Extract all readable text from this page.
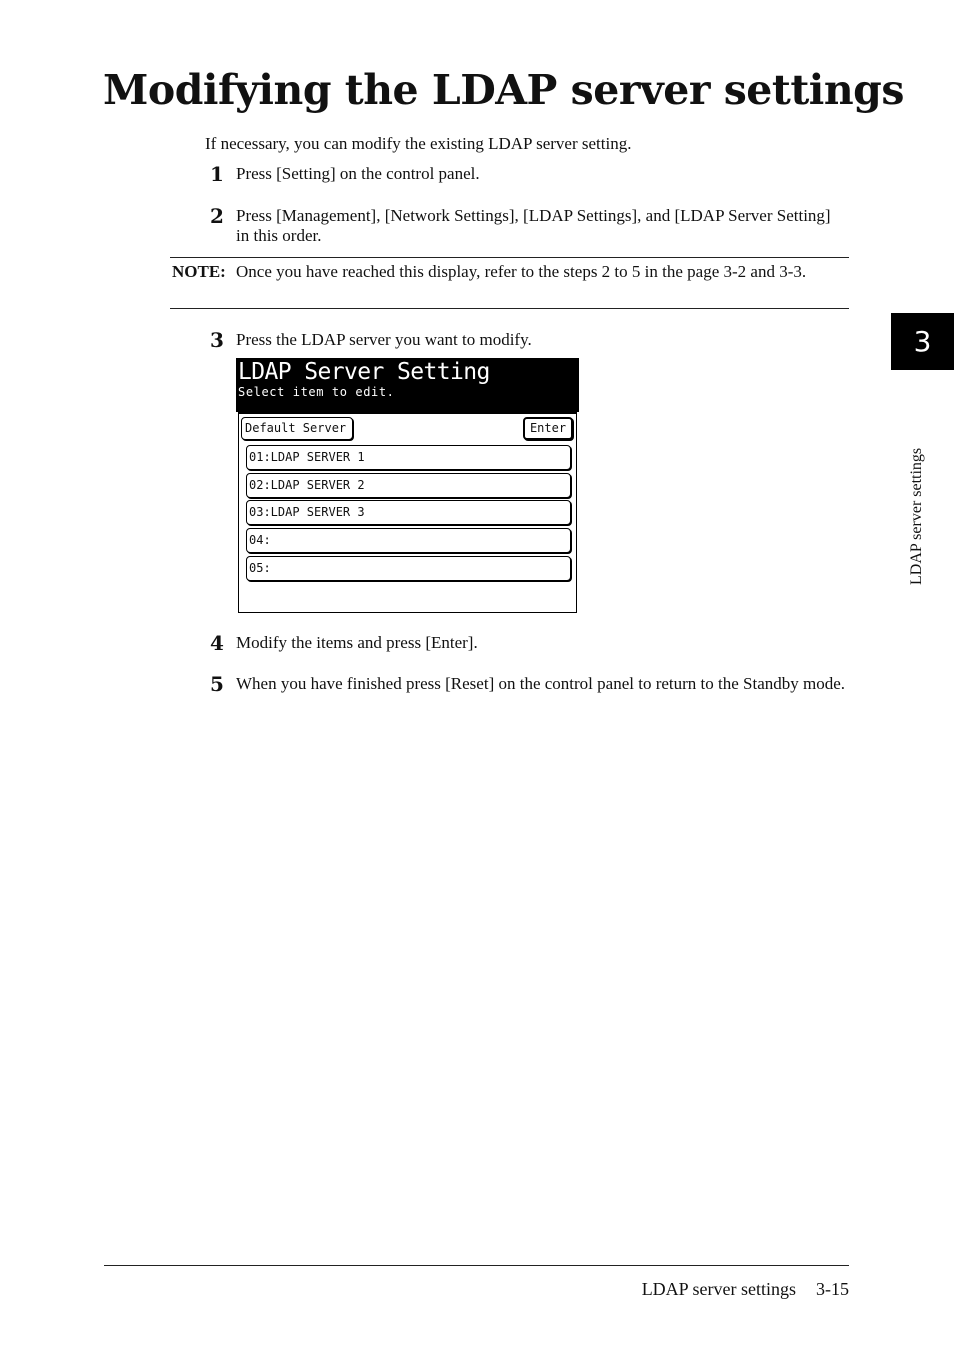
Modifying the LDAP server settings
If necessary, you can modify the existing LDAP server setting.
1 Press [Setting] on the control panel.
2 Press [Management], [Network Settings], [LDAP Settings], and [LDAP Server Setting] in this order.
NOTE: Once you have reached this display, refer to the steps 2 to 5 in the page 3-2 and 3-3.
3 Press the LDAP server you want to modify.
LDAP Server Setting
Select item to edit.
Default Server	Enter
01:LDAP SERVER 1
02:LDAP SERVER 2
03:LDAP SERVER 3
04:
05:
4 Modify the items and press [Enter].
5 When you have finished press [Reset] on the control panel to return to the Standby mode.
3
LDAP server settings
LDAP server settings 3-15
